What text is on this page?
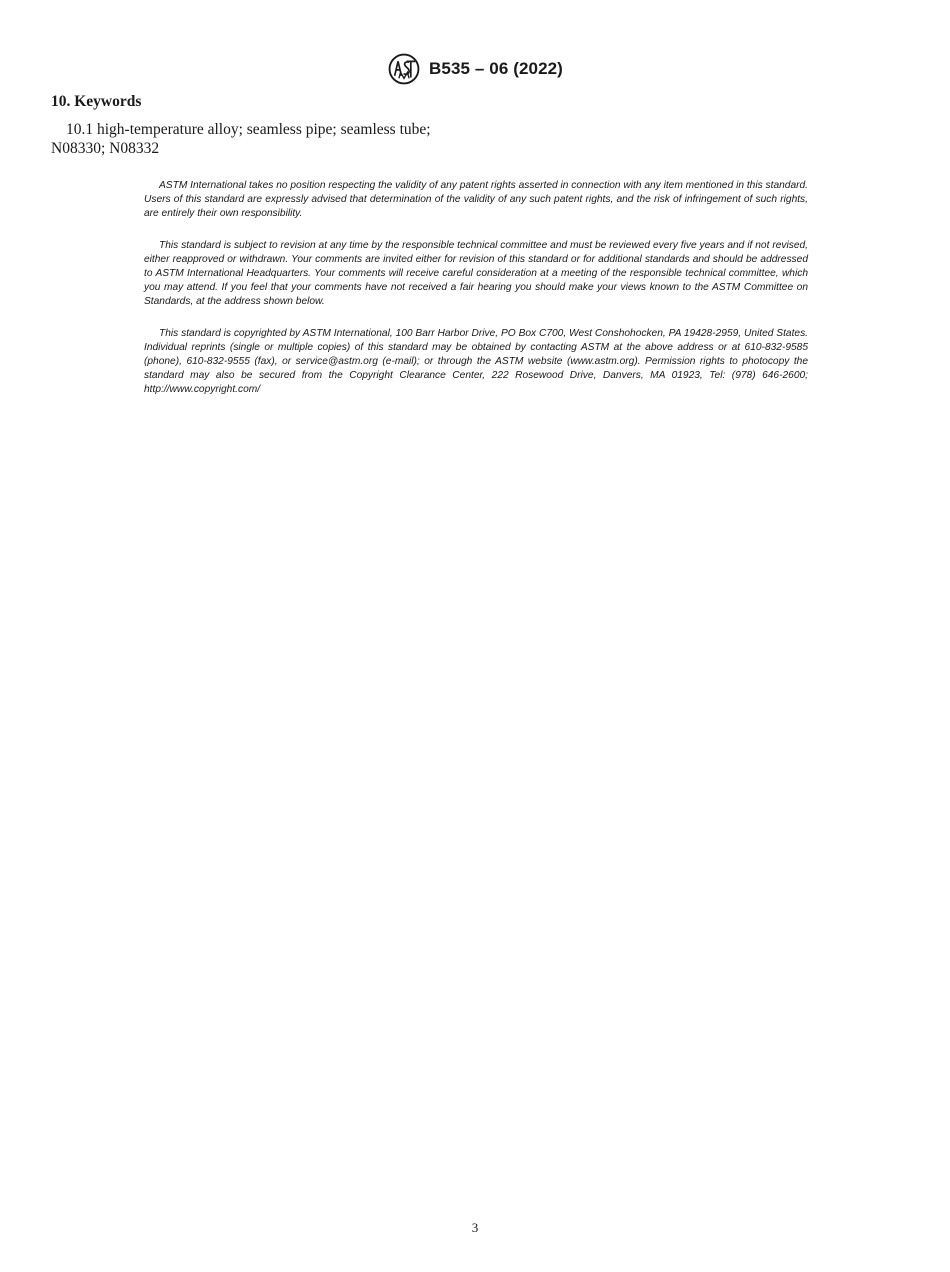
B535 – 06 (2022)
10. Keywords

10.1 high-temperature alloy; seamless pipe; seamless tube; N08330; N08332

ASTM International takes no position respecting the validity of any patent rights asserted in connection with any item mentioned in this standard. Users of this standard are expressly advised that determination of the validity of any such patent rights, and the risk of infringement of such rights, are entirely their own responsibility.

This standard is subject to revision at any time by the responsible technical committee and must be reviewed every five years and if not revised, either reapproved or withdrawn. Your comments are invited either for revision of this standard or for additional standards and should be addressed to ASTM International Headquarters. Your comments will receive careful consideration at a meeting of the responsible technical committee, which you may attend. If you feel that your comments have not received a fair hearing you should make your views known to the ASTM Committee on Standards, at the address shown below.

This standard is copyrighted by ASTM International, 100 Barr Harbor Drive, PO Box C700, West Conshohocken, PA 19428-2959, United States. Individual reprints (single or multiple copies) of this standard may be obtained by contacting ASTM at the above address or at 610-832-9585 (phone), 610-832-9555 (fax), or service@astm.org (e-mail); or through the ASTM website (www.astm.org). Permission rights to photocopy the standard may also be secured from the Copyright Clearance Center, 222 Rosewood Drive, Danvers, MA 01923, Tel: (978) 646-2600; http://www.copyright.com/

3
